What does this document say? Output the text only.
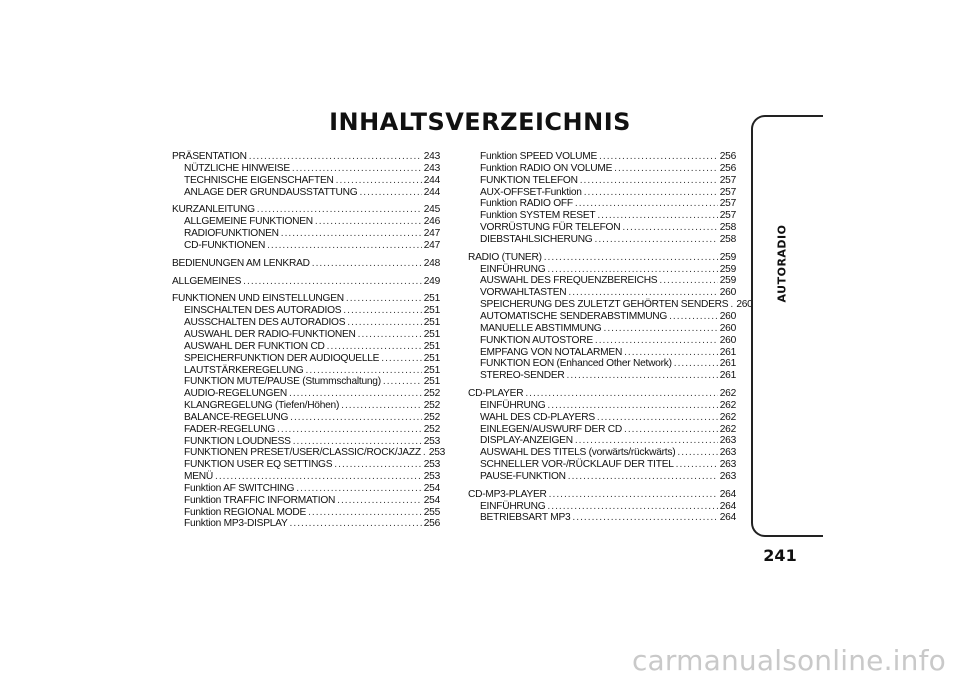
INHALTSVERZEICHNIS
PRÄSENTATION .....	243
NÜTZLICHE HINWEISE .....	243
TECHNISCHE EIGENSCHAFTEN .....	244
ANLAGE DER GRUNDAUSSTATTUNG .....	244
KURZANLEITUNG .....	245
ALLGEMEINE FUNKTIONEN .....	246
RADIOFUNKTIONEN .....	247
CD-FUNKTIONEN .....	247
BEDIENUNGEN AM LENKRAD .....	248
ALLGEMEINES .....	249
FUNKTIONEN UND EINSTELLUNGEN .....	251
EINSCHALTEN DES AUTORADIOS .....	251
AUSSCHALTEN DES AUTORADIOS .....	251
AUSWAHL DER RADIO-FUNKTIONEN .....	251
AUSWAHL DER FUNKTION CD .....	251
SPEICHERFUNKTION DER AUDIOQUELLE .....	251
LAUTSTÄRKEREGELUNG .....	251
FUNKTION MUTE/PAUSE (Stummschaltung) .....	251
AUDIO-REGELUNGEN .....	252
KLANGREGELUNG (Tiefen/Höhen) .....	252
BALANCE-REGELUNG .....	252
FADER-REGELUNG .....	252
FUNKTION LOUDNESS .....	253
FUNKTIONEN PRESET/USER/CLASSIC/ROCK/JAZZ ..... 253
FUNKTION USER EQ SETTINGS .....	253
MENÜ .....	253
Funktion AF SWITCHING .....	254
Funktion TRAFFIC INFORMATION .....	254
Funktion REGIONAL MODE .....	255
Funktion MP3-DISPLAY .....	256
Funktion SPEED VOLUME .....	256
Funktion RADIO ON VOLUME .....	256
FUNKTION TELEFON .....	257
AUX-OFFSET-Funktion .....	257
Funktion RADIO OFF .....	257
Funktion SYSTEM RESET .....	257
VORRÜSTUNG FÜR TELEFON .....	258
DIEBSTAHLSICHERUNG .....	258
RADIO (TUNER) .....	259
EINFÜHRUNG .....	259
AUSWAHL DES FREQUENZBEREICHS .....	259
VORWAHLTASTEN .....	260
SPEICHERUNG DES ZULETZT GEHÖRTEN SENDERS ..... 260
AUTOMATISCHE SENDERABSTIMMUNG .....	260
MANUELLE ABSTIMMUNG .....	260
FUNKTION AUTOSTORE .....	260
EMPFANG VON NOTALARMEN .....	261
FUNKTION EON (Enhanced Other Network) .....	261
STEREO-SENDER .....	261
CD-PLAYER .....	262
EINFÜHRUNG .....	262
WAHL DES CD-PLAYERS .....	262
EINLEGEN/AUSWURF DER CD .....	262
DISPLAY-ANZEIGEN .....	263
AUSWAHL DES TITELS (vorwärts/rückwärts) .....	263
SCHNELLER VOR-/RÜCKLAUF DER TITEL .....	263
PAUSE-FUNKTION .....	263
CD-MP3-PLAYER .....	264
EINFÜHRUNG .....	264
BETRIEBSART MP3 .....	264
AUTORADIO
241
carmanualsonline.info
